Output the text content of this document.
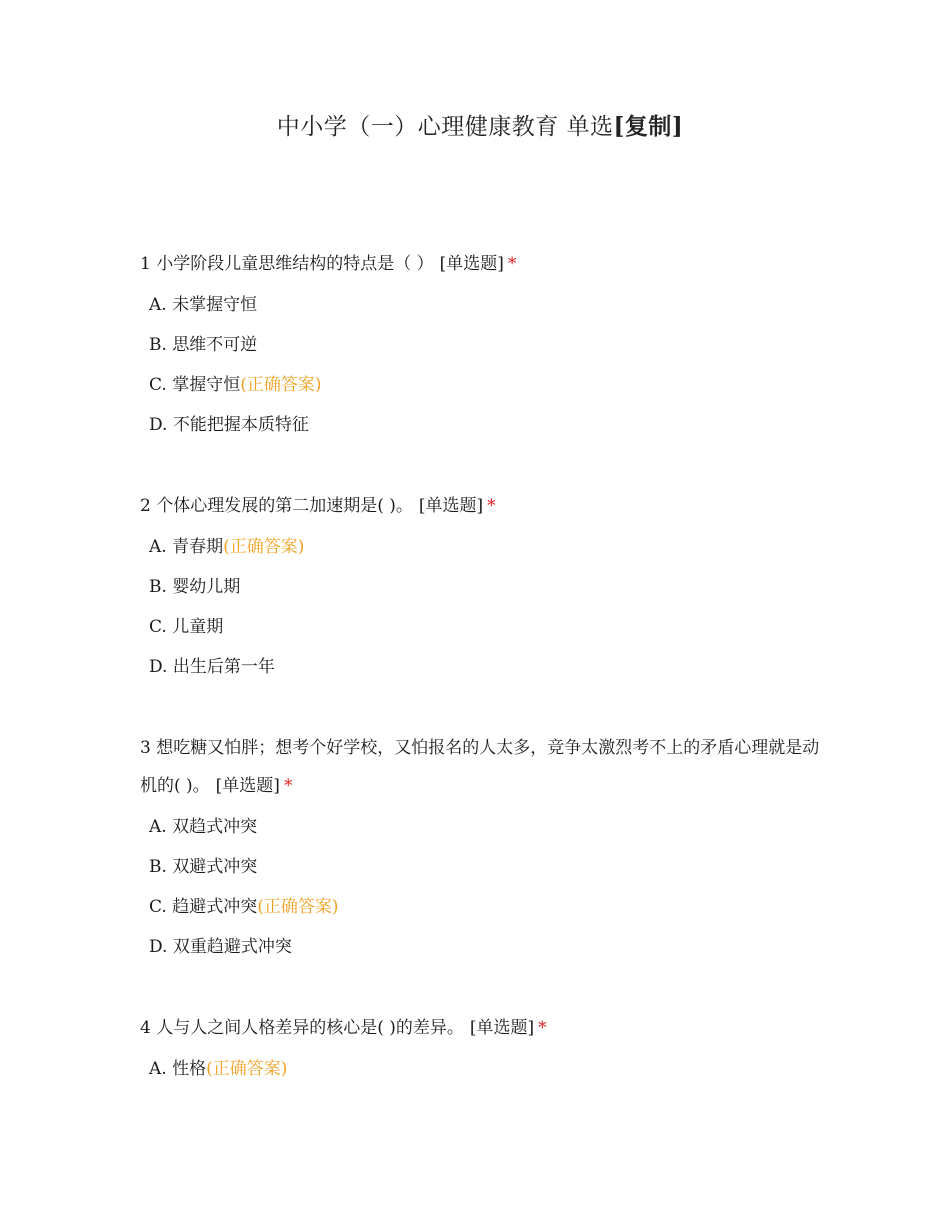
中小学（一）心理健康教育 单选[复制]
1 小学阶段儿童思维结构的特点是（ ） [单选题] *
A. 未掌握守恒
B. 思维不可逆
C. 掌握守恒(正确答案)
D. 不能把握本质特征
2 个体心理发展的第二加速期是( )。 [单选题] *
A. 青春期(正确答案)
B. 婴幼儿期
C. 儿童期
D. 出生后第一年
3 想吃糖又怕胖；想考个好学校，又怕报名的人太多，竞争太激烈考不上的矛盾心理就是动机的( )。 [单选题] *
A. 双趋式冲突
B. 双避式冲突
C. 趋避式冲突(正确答案)
D. 双重趋避式冲突
4 人与人之间人格差异的核心是( )的差异。 [单选题] *
A. 性格(正确答案)
